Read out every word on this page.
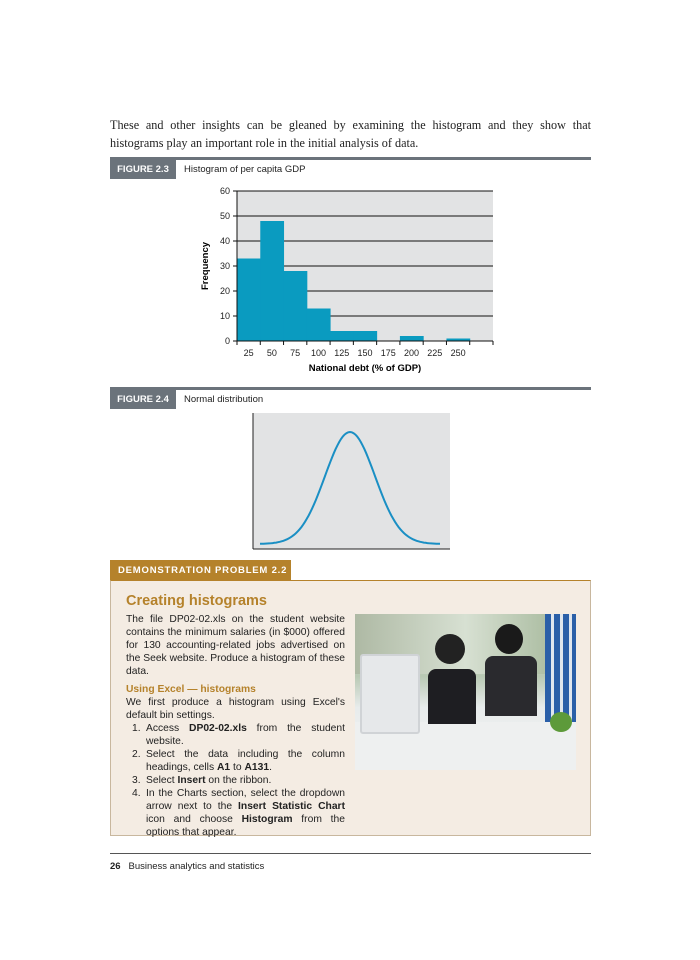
These and other insights can be gleaned by examining the histogram and they show that histograms play an important role in the initial analysis of data.

FIGURE 2.3	Histogram of per capita GDP
0
10
20
30
40
50
60
25 50 75 100 125 150 175 200 225 250
National debt (% of GDP)
Frequency
FIGURE 2.4	Normal distribution
DEMONSTRATION PROBLEM 2.2
Creating histograms

The file DP02-02.xls on the student website contains the minimum salaries (in $000) offered for 130 accounting-related jobs advertised on the Seek website. Produce a histogram of these data.

Using Excel — histograms

We first produce a histogram using Excel's default bin settings.

1. Access DP02-02.xls from the student website.
2. Select the data including the column headings, cells A1 to A131.
3. Select Insert on the ribbon.
4. In the Charts section, select the dropdown arrow next to the Insert Statistic Chart icon and choose Histogram from the options that appear.
26 Business analytics and statistics
